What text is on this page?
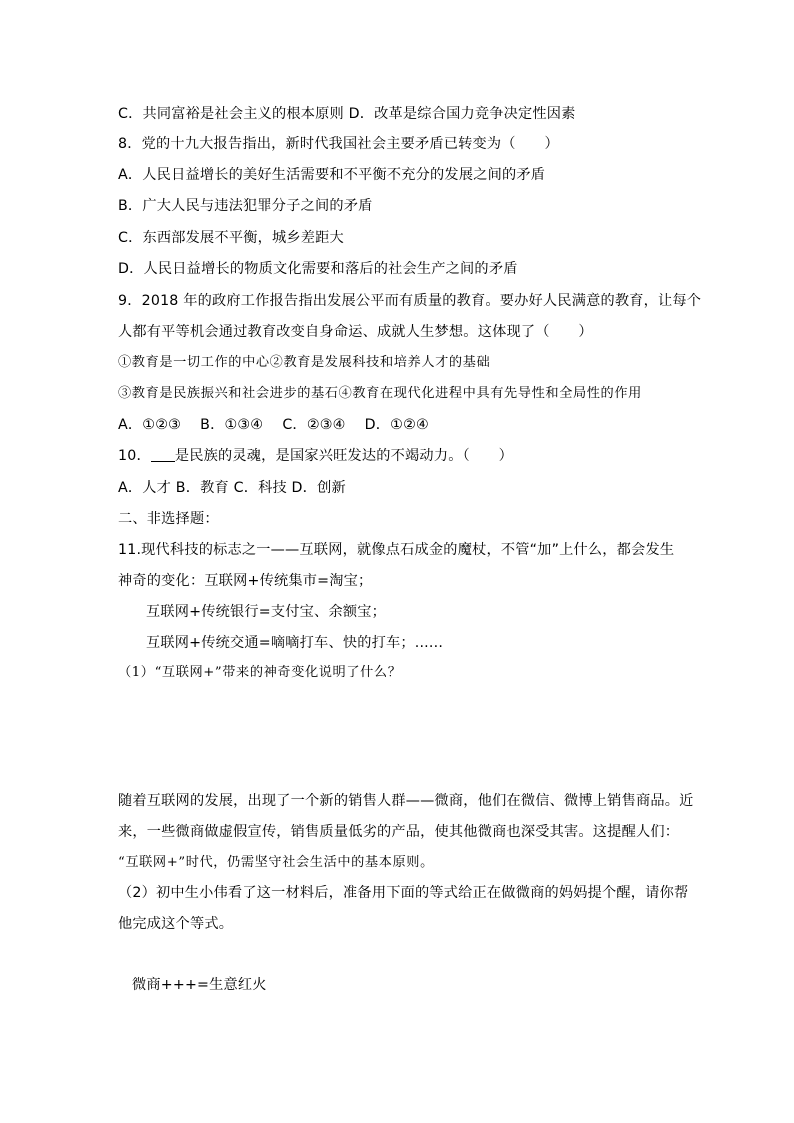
C．共同富裕是社会主义的根本原则 D．改革是综合国力竞争决定性因素
8．党的十九大报告指出，新时代我国社会主要矛盾已转变为（　　）
A．人民日益增长的美好生活需要和不平衡不充分的发展之间的矛盾
B．广大人民与违法犯罪分子之间的矛盾
C．东西部发展不平衡，城乡差距大
D．人民日益增长的物质文化需要和落后的社会生产之间的矛盾
9．2018 年的政府工作报告指出发展公平而有质量的教育。要办好人民满意的教育，让每个
人都有平等机会通过教育改变自身命运、成就人生梦想。这体现了（　　）
①教育是一切工作的中心②教育是发展科技和培养人才的基础
③教育是民族振兴和社会进步的基石④教育在现代化进程中具有先导性和全局性的作用
A．①②③　 B．①③④　 C．②③④　 D．①②④
10． 是民族的灵魂，是国家兴旺发达的不竭动力。（　　）
A．人才 B．教育 C．科技 D．创新
二、非选择题：
11.现代科技的标志之一——互联网，就像点石成金的魔杖，不管“加”上什么，都会发生
神奇的变化：互联网+传统集市=淘宝；
互联网+传统银行=支付宝、余额宝；
互联网+传统交通=嘀嘀打车、快的打车；......
（1）“互联网+”带来的神奇变化说明了什么？
随着互联网的发展，出现了一个新的销售人群——微商，他们在微信、微博上销售商品。近
来，一些微商做虚假宣传，销售质量低劣的产品，使其他微商也深受其害。这提醒人们：
“互联网+”时代，仍需坚守社会生活中的基本原则。
（2）初中生小伟看了这一材料后，准备用下面的等式给正在做微商的妈妈提个醒，请你帮
他完成这个等式。
微商+++=生意红火
